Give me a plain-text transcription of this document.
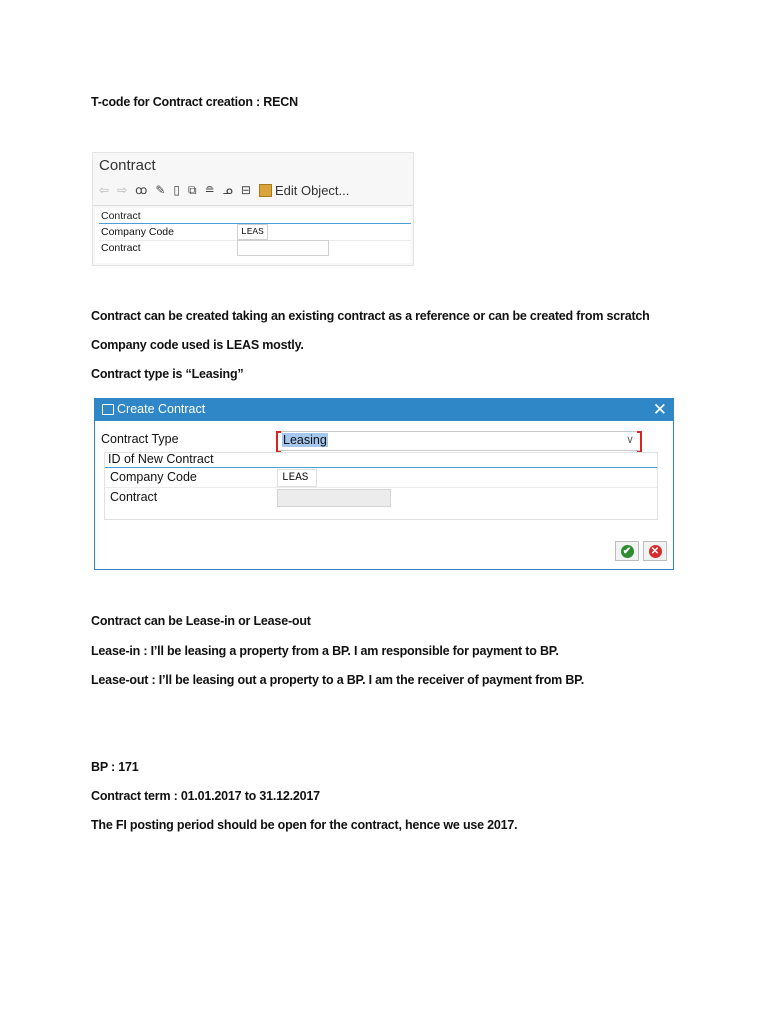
T-code for Contract creation : RECN
Contract
⇦ ⇨ ꝏ ✎ ▯ ⧉ ≘ ᓄ ⊟ Edit Object...
Contract
Company Code	LEAS
Contract
Contract can be created taking an existing contract as a reference or can be created from scratch
Company code used is LEAS mostly.
Contract type is “Leasing”
Create Contract	✕
Contract Type	Leasing	∨
ID of New Contract
Company Code	LEAS
Contract
✔ ✕
Contract can be Lease-in or Lease-out
Lease-in : I’ll be leasing a property from a BP. I am responsible for payment to BP.
Lease-out : I’ll be leasing out a property to a BP. I am the receiver of payment from BP.
BP : 171
Contract term : 01.01.2017 to 31.12.2017
The FI posting period should be open for the contract, hence we use 2017.
